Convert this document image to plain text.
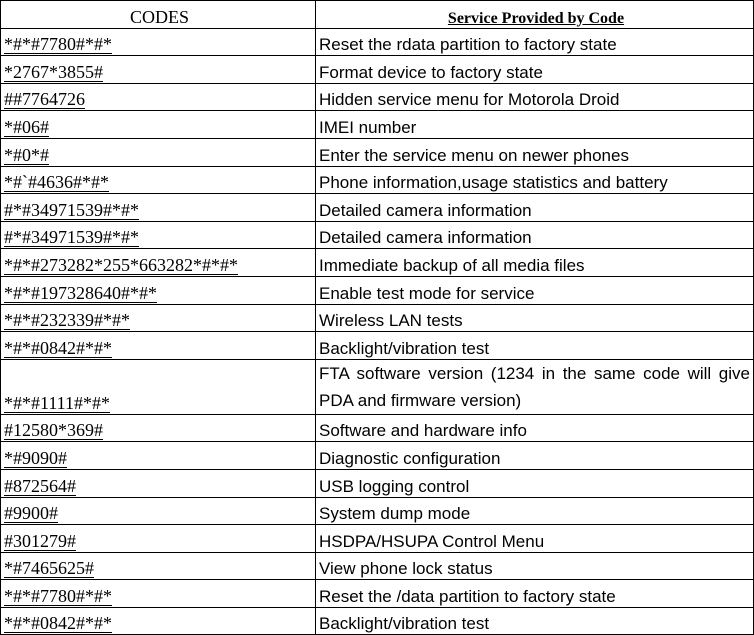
CODES	Service Provided by Code
*#*#7780#*#*	Reset the rdata partition to factory state
*2767*3855#	Format device to factory state
##7764726	Hidden service menu for Motorola Droid
*#06#	IMEI number
*#0*#	Enter the service menu on newer phones
*#`#4636#*#*	Phone information,usage statistics and battery
#*#34971539#*#*	Detailed camera information
#*#34971539#*#*	Detailed camera information
*#*#273282*255*663282*#*#*	Immediate backup of all media files
*#*#197328640#*#*	Enable test mode for service
*#*#232339#*#*	Wireless LAN tests
*#*#0842#*#*	Backlight/vibration test
*#*#1111#*#*	FTA software version (1234 in the same code will give PDA and firmware version)
#12580*369#	Software and hardware info
*#9090#	Diagnostic configuration
#872564#	USB logging control
#9900#	System dump mode
#301279#	HSDPA/HSUPA Control Menu
*#7465625#	View phone lock status
*#*#7780#*#*	Reset the /data partition to factory state
*#*#0842#*#*	Backlight/vibration test
